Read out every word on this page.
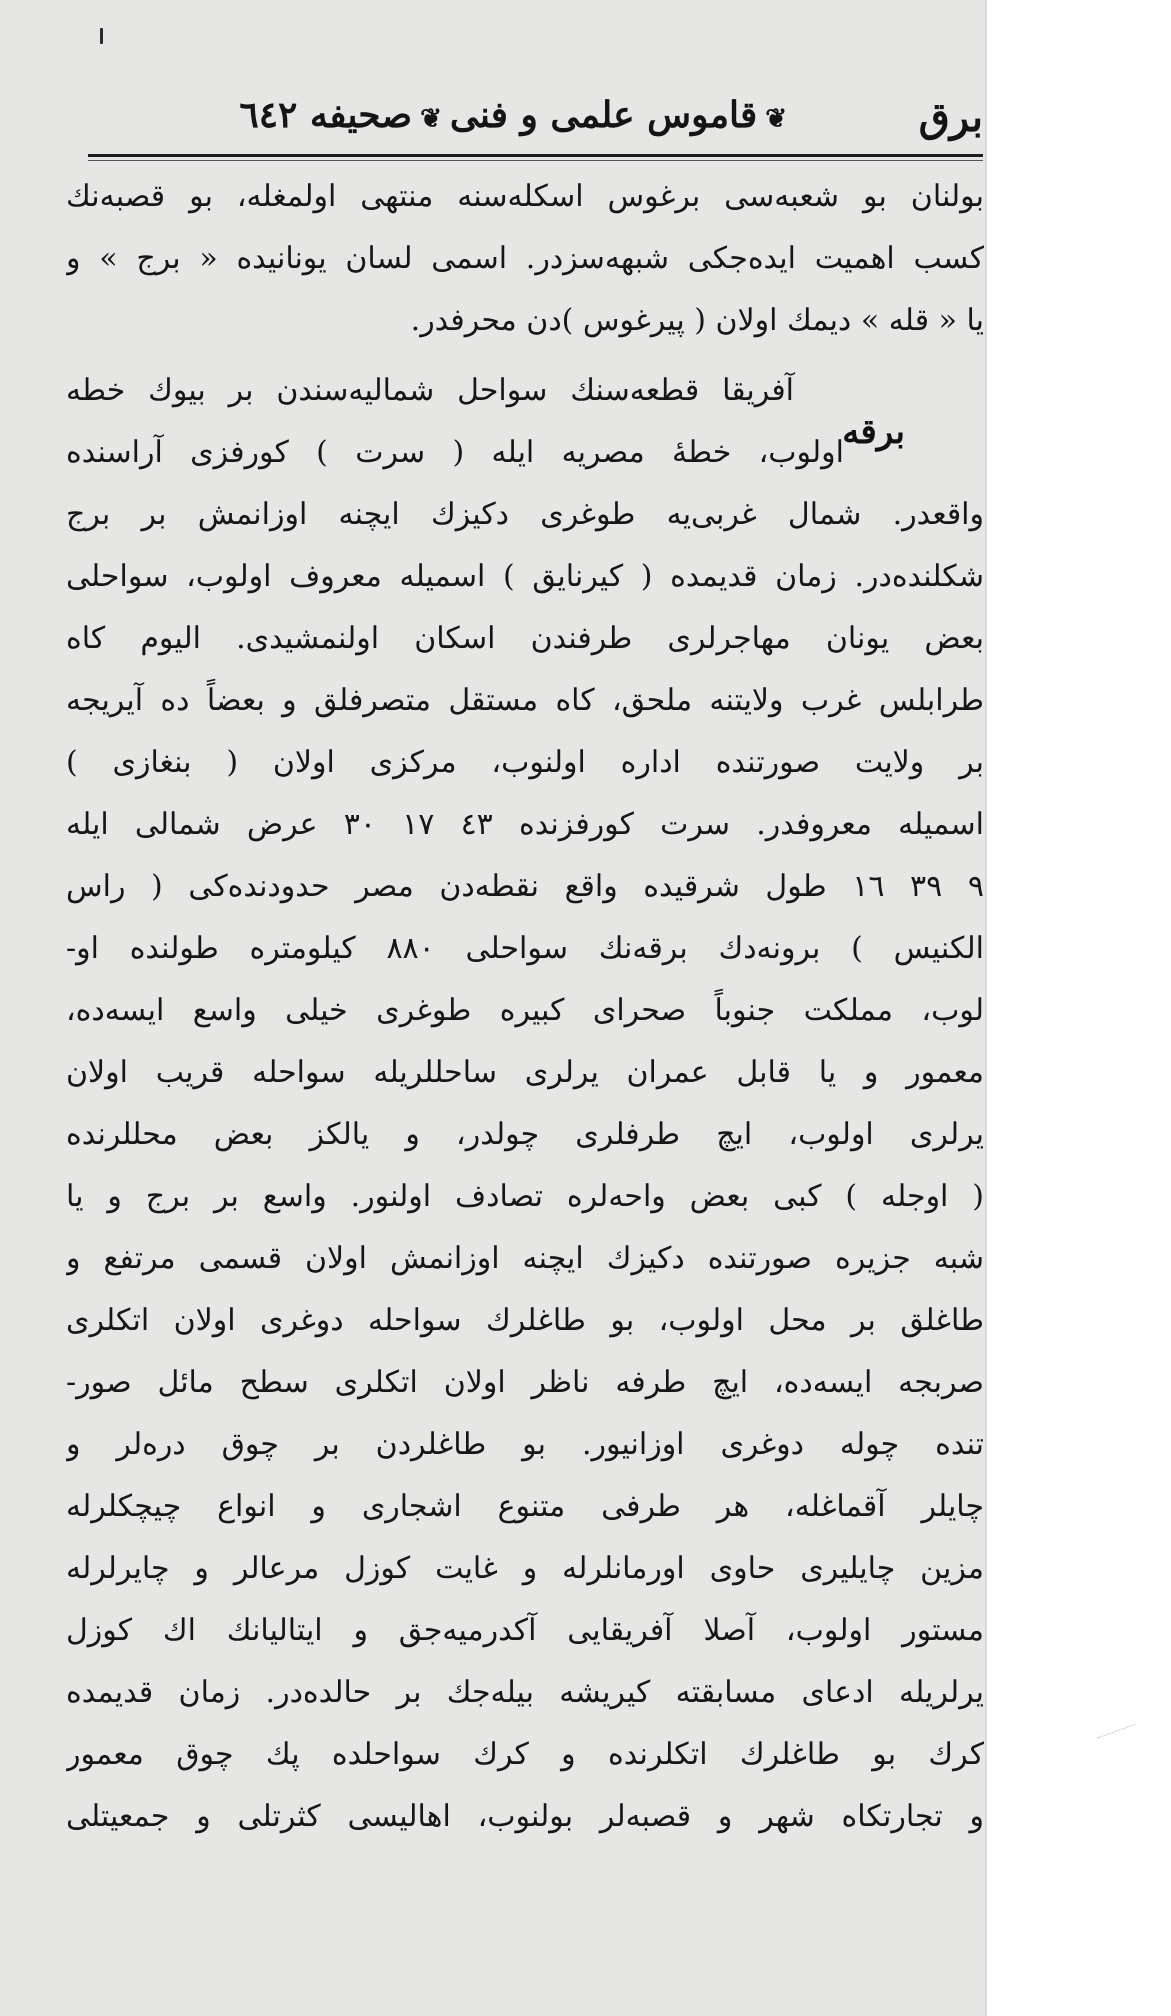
برق
❦قاموس علمی و فنی❦صحیفه ٦٤٢
بولنان بو شعبه‌سی برغوس اسکله‌سنه منتهی اولمغله، بو قصبه‌نك
کسب اهمیت ایده‌جکی شبهه‌سزدر. اسمی لسان یونانیده « برج » و
یا « قله » دیمك اولان ( پیرغوس )دن محرفدر.
آفریقا قطعه‌سنك سواحل شمالیه‌سندن بر بیوك خطه
اولوب، خطهٔ مصریه ایله ( سرت ) کورفزی آراسنده
واقعدر. شمال غربی‌یه طوغری دکیزك ایچنه اوزانمش بر برج
شکلنده‌در. زمان قدیمده ( کیرنایق ) اسمیله معروف اولوب، سواحلی
بعض یونان مهاجرلری طرفندن اسکان اولنمشیدی. الیوم کاه
طرابلس غرب ولایتنه ملحق، کاه مستقل متصرفلق و بعضاً ده آیریجه
بر ولایت صورتنده اداره اولنوب، مرکزی اولان ( بنغازی )
اسمیله معروفدر. سرت کورفزنده ٤٣ ١٧ ٣٠ عرض شمالی ایله
٩ ٣٩ ١٦ طول شرقیده واقع نقطه‌دن مصر حدودنده‌کی ( راس
الکنیس ) برونه‌دك برقه‌نك سواحلی ٨٨٠ کیلومتره طولنده او-
لوب، مملکت جنوباً صحرای کبیره طوغری خیلی واسع ایسه‌ده،
معمور و یا قابل عمران یرلری ساحللریله سواحله قریب اولان
یرلری اولوب، ایچ طرفلری چولدر، و یالکز بعض محللرنده
( اوجله ) کبی بعض واحه‌لره تصادف اولنور. واسع بر برج و یا
شبه جزیره صورتنده دکیزك ایچنه اوزانمش اولان قسمی مرتفع و
طاغلق بر محل اولوب، بو طاغلرك سواحله دوغری اولان اتکلری
صربجه ایسه‌ده، ایچ طرفه ناظر اولان اتکلری سطح مائل صور-
تنده چوله دوغری اوزانیور. بو طاغلردن بر چوق دره‌لر و
چایلر آقماغله، هر طرفی متنوع اشجاری و انواع چیچکلرله
مزین چایلیری حاوی اورمانلرله و غایت کوزل مرعالر و چایرلرله
مستور اولوب، آصلا آفریقایی آکدرمیه‌جق و ایتالیانك اك کوزل
یرلریله ادعای مسابقته کیریشه بیله‌جك بر حالده‌در. زمان قدیمده
کرك بو طاغلرك اتکلرنده و کرك سواحلده پك چوق معمور
و تجارتکاه شهر و قصبه‌لر بولنوب، اهالیسی کثرتلی و جمعیتلی
برقه
